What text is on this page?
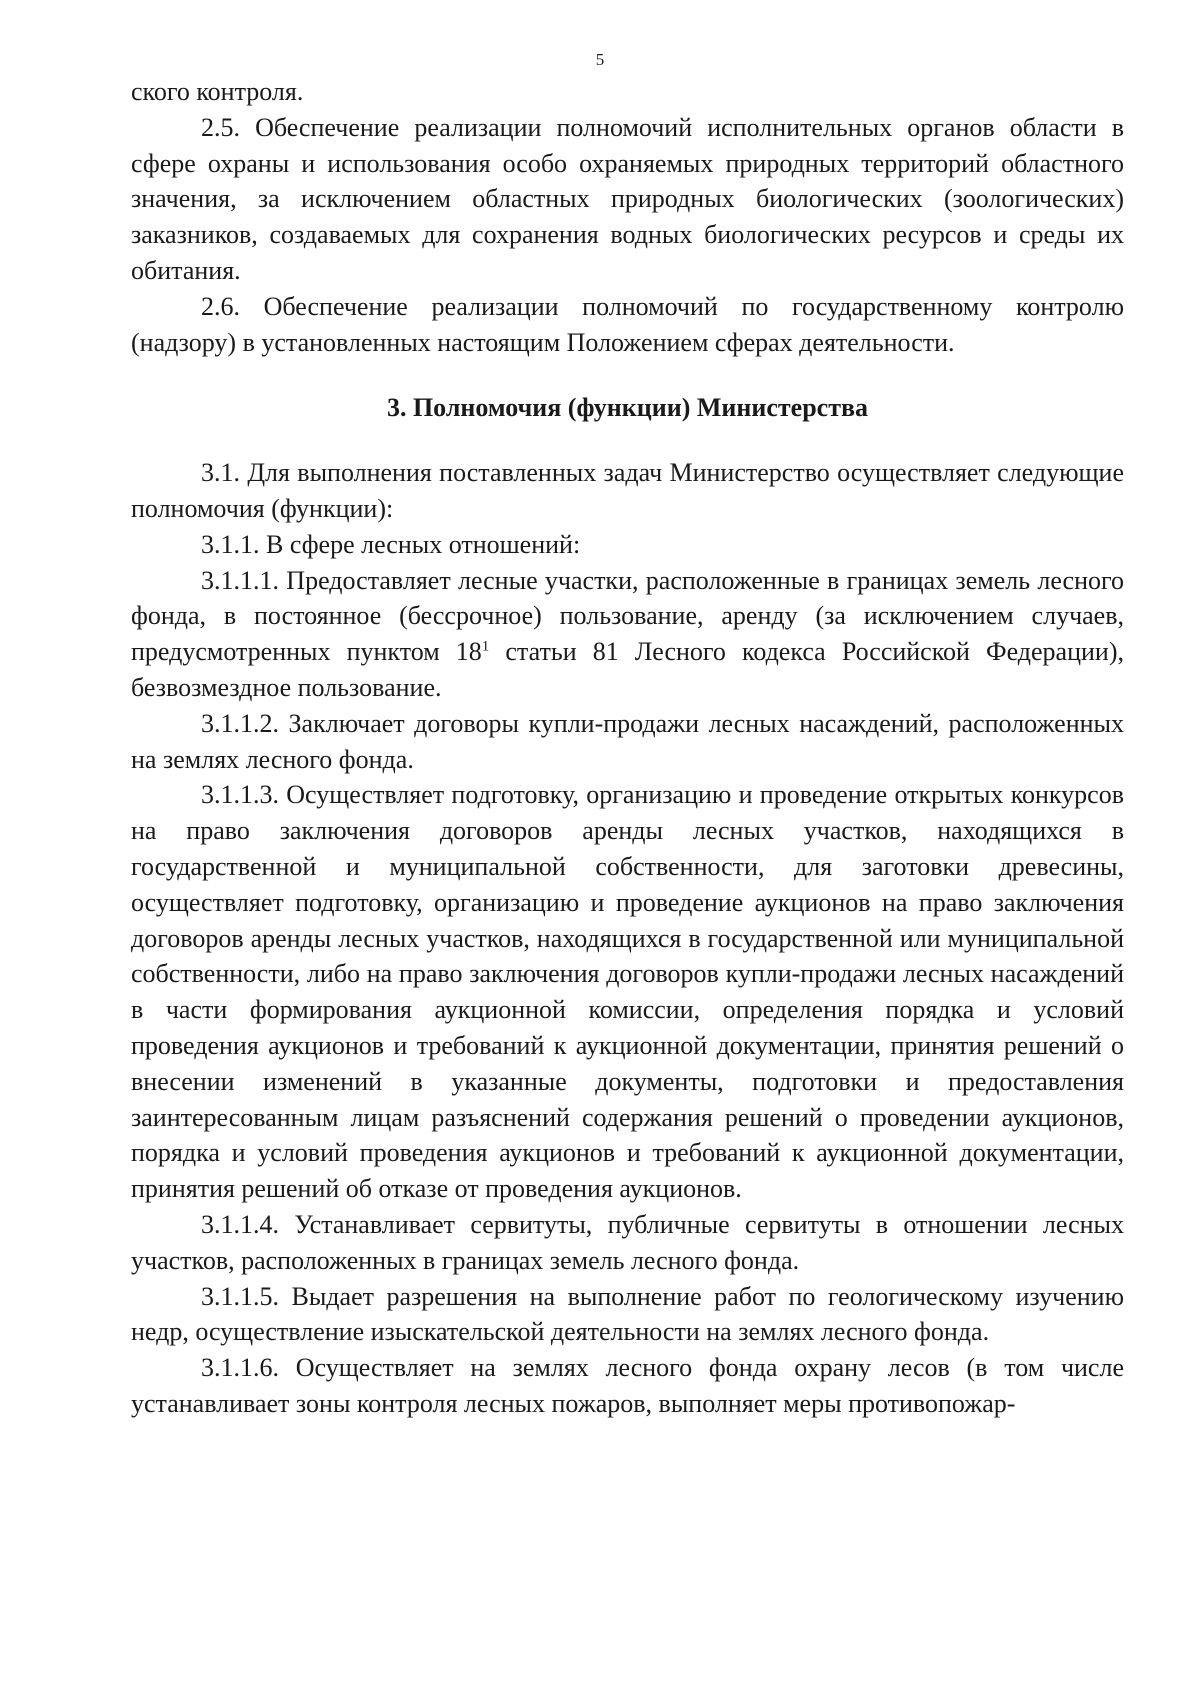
5

ского контроля.

2.5. Обеспечение реализации полномочий исполнительных органов области в сфере охраны и использования особо охраняемых природных территорий областного значения, за исключением областных природных биологических (зоологических) заказников, создаваемых для сохранения водных биологических ресурсов и среды их обитания.

2.6. Обеспечение реализации полномочий по государственному контролю (надзору) в установленных настоящим Положением сферах деятельности.

3. Полномочия (функции) Министерства

3.1. Для выполнения поставленных задач Министерство осуществляет следующие полномочия (функции):

3.1.1. В сфере лесных отношений:

3.1.1.1. Предоставляет лесные участки, расположенные в границах земель лесного фонда, в постоянное (бессрочное) пользование, аренду (за исключением случаев, предусмотренных пунктом $18^1$ статьи 81 Лесного кодекса Российской Федерации), безвозмездное пользование.

3.1.1.2. Заключает договоры купли-продажи лесных насаждений, расположенных на землях лесного фонда.

3.1.1.3. Осуществляет подготовку, организацию и проведение открытых конкурсов на право заключения договоров аренды лесных участков, находящихся в государственной и муниципальной собственности, для заготовки древесины, осуществляет подготовку, организацию и проведение аукционов на право заключения договоров аренды лесных участков, находящихся в государственной или муниципальной собственности, либо на право заключения договоров купли-продажи лесных насаждений в части формирования аукционной комиссии, определения порядка и условий проведения аукционов и требований к аукционной документации, принятия решений о внесении изменений в указанные документы, подготовки и предоставления заинтересованным лицам разъяснений содержания решений о проведении аукционов, порядка и условий проведения аукционов и требований к аукционной документации, принятия решений об отказе от проведения аукционов.

3.1.1.4. Устанавливает сервитуты, публичные сервитуты в отношении лесных участков, расположенных в границах земель лесного фонда.

3.1.1.5. Выдает разрешения на выполнение работ по геологическому изучению недр, осуществление изыскательской деятельности на землях лесного фонда.

3.1.1.6. Осуществляет на землях лесного фонда охрану лесов (в том числе устанавливает зоны контроля лесных пожаров, выполняет меры противопожар-
